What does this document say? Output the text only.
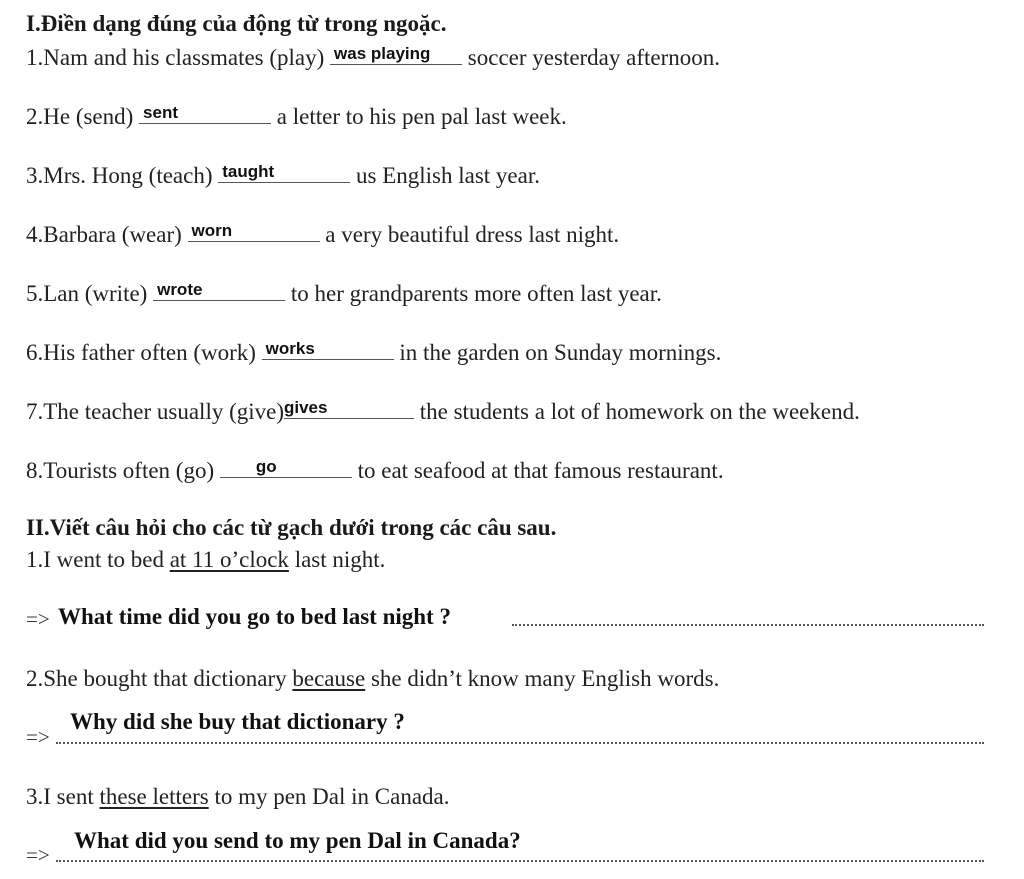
I.Điền dạng đúng của động từ trong ngoặc.
1.Nam and his classmates (play) was playing soccer yesterday afternoon.
2.He (send) sent	a letter to his pen pal last week.
3.Mrs. Hong (teach) taught	us English last year.
4.Barbara (wear) worn	a very beautiful dress last night.
5.Lan (write) wrote	to her grandparents more often last year.
6.His father often (work) works	in the garden on Sunday mornings.
7.The teacher usually (give) gives	the students a lot of homework on the weekend.
8.Tourists often (go) go	to eat seafood at that famous restaurant.
II.Viết câu hỏi cho các từ gạch dưới trong các câu sau.
1.I went to bed at 11 o’clock last night.
=> What time did you go to bed last night ?
2.She bought that dictionary because she didn’t know many English words.
=>
Why did she buy that dictionary ?
3.I sent these letters to my pen Dal in Canada.
=>
What did you send to my pen Dal in Canada?
